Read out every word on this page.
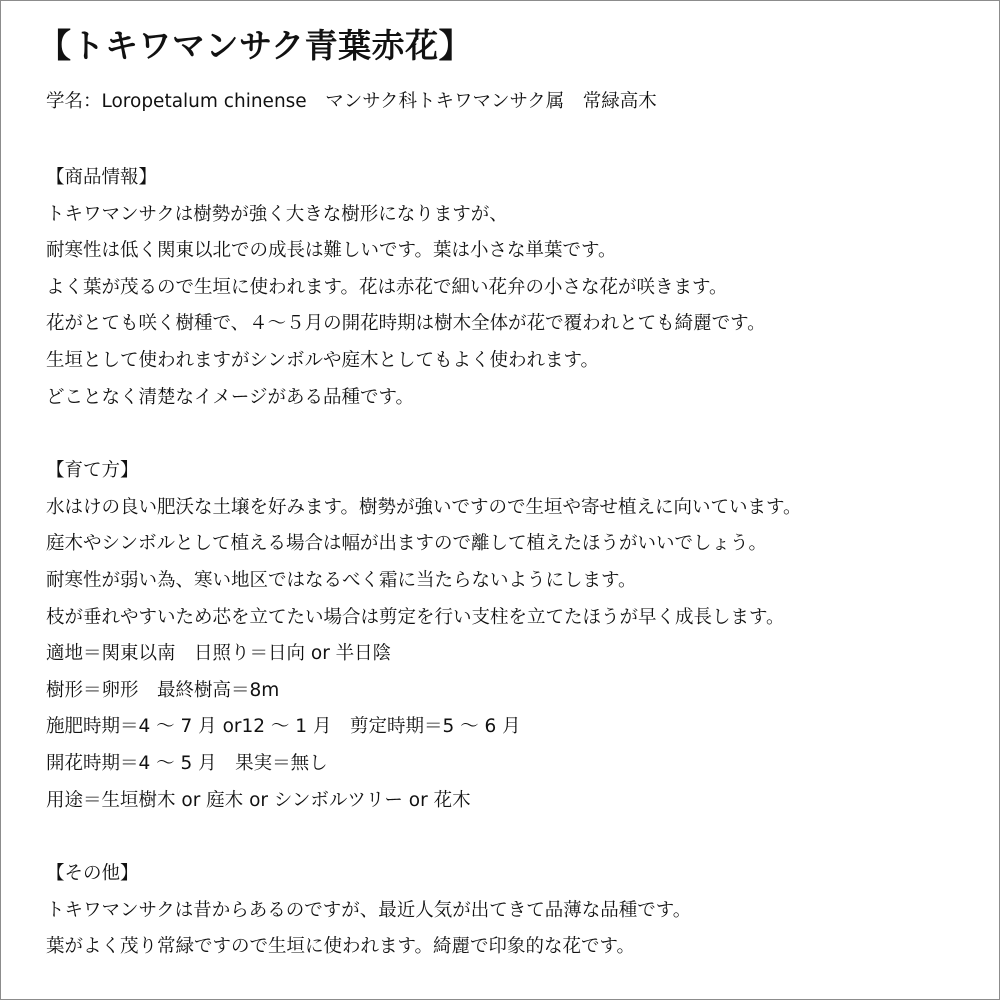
【トキワマンサク青葉赤花】

学名：Loropetalum chinense　マンサク科トキワマンサク属　常緑高木

【商品情報】

トキワマンサクは樹勢が強く大きな樹形になりますが、

耐寒性は低く関東以北での成長は難しいです。葉は小さな単葉です。

よく葉が茂るので生垣に使われます。花は赤花で細い花弁の小さな花が咲きます。

花がとても咲く樹種で、４～５月の開花時期は樹木全体が花で覆われとても綺麗です。

生垣として使われますがシンボルや庭木としてもよく使われます。

どことなく清楚なイメージがある品種です。

【育て方】

水はけの良い肥沃な土壌を好みます。樹勢が強いですので生垣や寄せ植えに向いています。

庭木やシンボルとして植える場合は幅が出ますので離して植えたほうがいいでしょう。

耐寒性が弱い為、寒い地区ではなるべく霜に当たらないようにします。

枝が垂れやすいため芯を立てたい場合は剪定を行い支柱を立てたほうが早く成長します。

適地＝関東以南　日照り＝日向 or 半日陰

樹形＝卵形　最終樹高＝8m

施肥時期＝4 ～ 7 月 or12 ～ 1 月　剪定時期＝5 ～ 6 月

開花時期＝4 ～ 5 月　果実＝無し

用途＝生垣樹木 or 庭木 or シンボルツリー or 花木

【その他】

トキワマンサクは昔からあるのですが、最近人気が出てきて品薄な品種です。

葉がよく茂り常緑ですので生垣に使われます。綺麗で印象的な花です。
